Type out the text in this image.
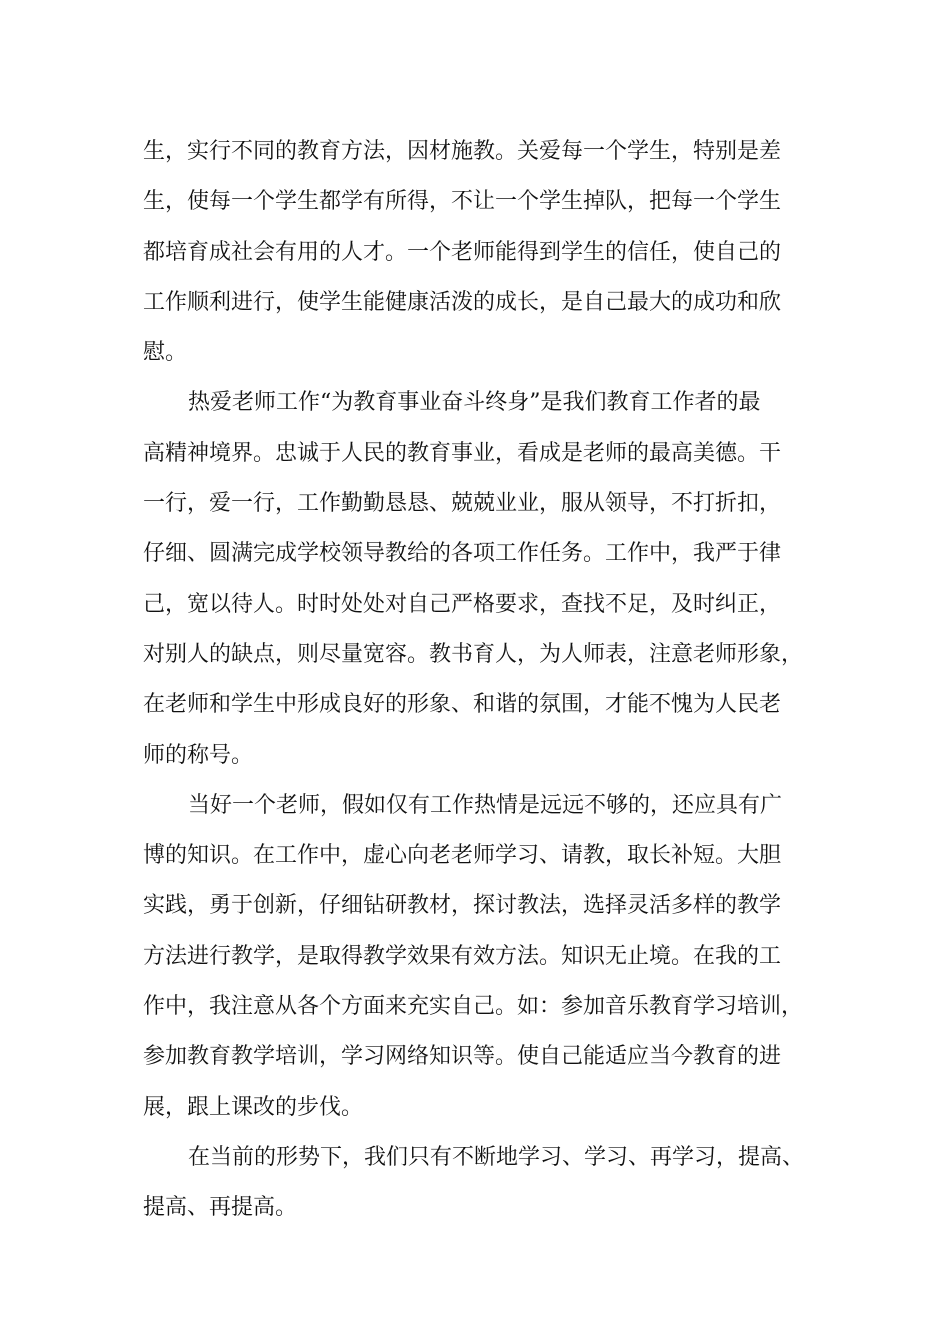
生，实行不同的教育方法，因材施教。关爱每一个学生，特别是差
生，使每一个学生都学有所得，不让一个学生掉队，把每一个学生
都培育成社会有用的人才。一个老师能得到学生的信任，使自己的
工作顺利进行，使学生能健康活泼的成长，是自己最大的成功和欣
慰。
热爱老师工作“为教育事业奋斗终身”是我们教育工作者的最
高精神境界。忠诚于人民的教育事业，看成是老师的最高美德。干
一行，爱一行，工作勤勤恳恳、兢兢业业，服从领导，不打折扣，
仔细、圆满完成学校领导教给的各项工作任务。工作中，我严于律
己，宽以待人。时时处处对自己严格要求，查找不足，及时纠正，
对别人的缺点，则尽量宽容。教书育人，为人师表，注意老师形象，
在老师和学生中形成良好的形象、和谐的氛围，才能不愧为人民老
师的称号。
当好一个老师，假如仅有工作热情是远远不够的，还应具有广
博的知识。在工作中，虚心向老老师学习、请教，取长补短。大胆
实践，勇于创新，仔细钻研教材，探讨教法，选择灵活多样的教学
方法进行教学，是取得教学效果有效方法。知识无止境。在我的工
作中，我注意从各个方面来充实自己。如：参加音乐教育学习培训，
参加教育教学培训，学习网络知识等。使自己能适应当今教育的进
展，跟上课改的步伐。
在当前的形势下，我们只有不断地学习、学习、再学习，提高、
提高、再提高。
